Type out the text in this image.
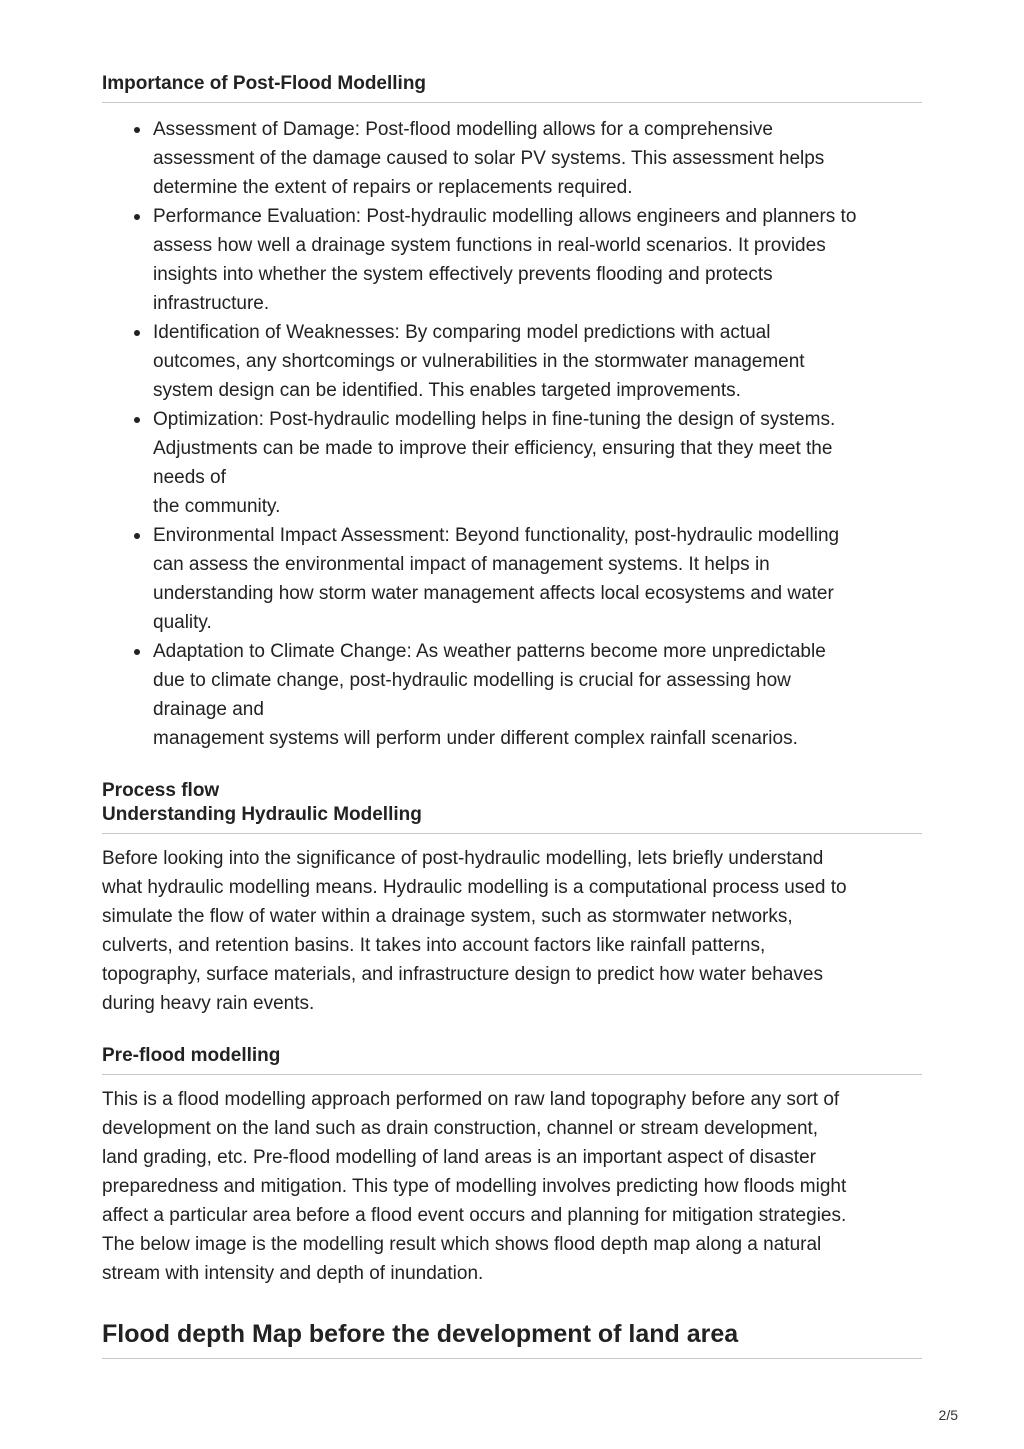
Importance of Post-Flood Modelling
Assessment of Damage: Post-flood modelling allows for a comprehensive
assessment of the damage caused to solar PV systems. This assessment helps
determine the extent of repairs or replacements required.
Performance Evaluation: Post-hydraulic modelling allows engineers and planners to
assess how well a drainage system functions in real-world scenarios. It provides
insights into whether the system effectively prevents flooding and protects
infrastructure.
Identification of Weaknesses: By comparing model predictions with actual
outcomes, any shortcomings or vulnerabilities in the stormwater management
system design can be identified. This enables targeted improvements.
Optimization: Post-hydraulic modelling helps in fine-tuning the design of systems.
Adjustments can be made to improve their efficiency, ensuring that they meet the
needs of
the community.
Environmental Impact Assessment: Beyond functionality, post-hydraulic modelling
can assess the environmental impact of management systems. It helps in
understanding how storm water management affects local ecosystems and water
quality.
Adaptation to Climate Change: As weather patterns become more unpredictable
due to climate change, post-hydraulic modelling is crucial for assessing how
drainage and
management systems will perform under different complex rainfall scenarios.
Process flow
Understanding Hydraulic Modelling

Before looking into the significance of post-hydraulic modelling, lets briefly understand
what hydraulic modelling means. Hydraulic modelling is a computational process used to
simulate the flow of water within a drainage system, such as stormwater networks,
culverts, and retention basins. It takes into account factors like rainfall patterns,
topography, surface materials, and infrastructure design to predict how water behaves
during heavy rain events.

Pre-flood modelling

This is a flood modelling approach performed on raw land topography before any sort of
development on the land such as drain construction, channel or stream development,
land grading, etc. Pre-flood modelling of land areas is an important aspect of disaster
preparedness and mitigation. This type of modelling involves predicting how floods might
affect a particular area before a flood event occurs and planning for mitigation strategies.
The below image is the modelling result which shows flood depth map along a natural
stream with intensity and depth of inundation.

Flood depth Map before the development of land area
2/5
